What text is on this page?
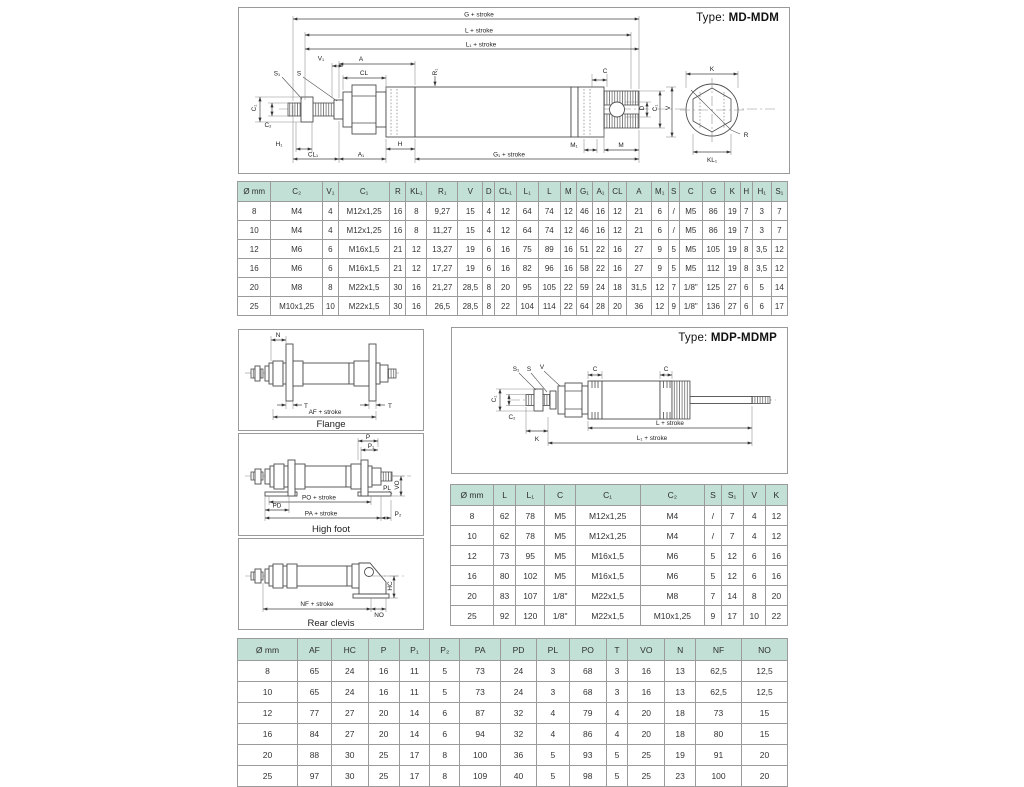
Type: MD-MDM
G + stroke
L + stroke
L₁ + stroke
A
CL
V₁
S₁	S	C
R₁
C₁
C₂
H₁
CL₁	A₁
H
G₁ + stroke
M₁	M
D C₁ V
R
K
KL₁
Ø mm	C₂	V₁	C₁	R	KL₁	R₁	V	D	CL₁	L₁	L	M	G₁	A₁	CL	A	M₁	S	C	G	K	H	H₁	S₁
8	M4	4	M12x1,25	16	8	9,27	15	4	12	64	74	12	46	16	12	21	6	/	M5	86	19	7	3	7
10	M4	4	M12x1,25	16	8	11,27	15	4	12	64	74	12	46	16	12	21	6	/	M5	86	19	7	3	7
12	M6	6	M16x1,5	21	12	13,27	19	6	16	75	89	16	51	22	16	27	9	5	M5	105	19	8	3,5	12
16	M6	6	M16x1,5	21	12	17,27	19	6	16	82	96	16	58	22	16	27	9	5	M5	112	19	8	3,5	12
20	M8	8	M22x1,5	30	16	21,27	28,5	8	20	95	105	22	59	24	18	31,5	12	7	1/8"	125	27	6	5	14
25	M10x1,25	10	M22x1,5	30	16	26,5	28,5	8	22	104	114	22	64	28	20	36	12	9	1/8"	136	27	6	6	17
N
T	T
AF + stroke
Flange
P
P₁
VO
PL
PO + stroke
PD
PA + stroke	P₂
High foot
HC
NF + stroke
NO
Rear clevis
Type: MDP-MDMP
S₁ S V	C	C
C₁
C₂
K
L + stroke
L₁ + stroke
Ø mm	L	L₁	C	C₁	C₂	S	S₁	V	K
8	62	78	M5	M12x1,25	M4	/	7	4	12
10	62	78	M5	M12x1,25	M4	/	7	4	12
12	73	95	M5	M16x1,5	M6	5	12	6	16
16	80	102	M5	M16x1,5	M6	5	12	6	16
20	83	107	1/8"	M22x1,5	M8	7	14	8	20
25	92	120	1/8"	M22x1,5	M10x1,25	9	17	10	22
Ø mm	AF	HC	P	P₁	P₂	PA	PD	PL	PO	T	VO	N	NF	NO
8	65	24	16	11	5	73	24	3	68	3	16	13	62,5	12,5
10	65	24	16	11	5	73	24	3	68	3	16	13	62,5	12,5
12	77	27	20	14	6	87	32	4	79	4	20	18	73	15
16	84	27	20	14	6	94	32	4	86	4	20	18	80	15
20	88	30	25	17	8	100	36	5	93	5	25	19	91	20
25	97	30	25	17	8	109	40	5	98	5	25	23	100	20
